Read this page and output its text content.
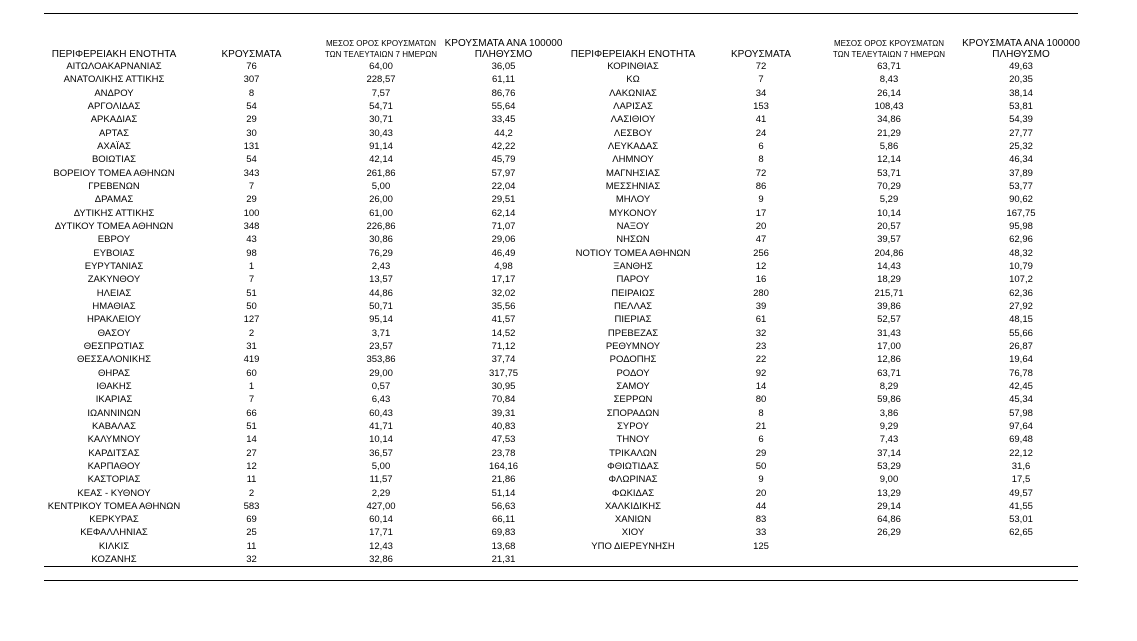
ΠΕΡΙΦΕΡΕΙΑΚΗ ΕΝΟΤΗΤΑ	ΚΡΟΥΣΜΑΤΑ	ΜΕΣΟΣ ΟΡΟΣ ΚΡΟΥΣΜΑΤΩΝ
ΤΩΝ ΤΕΛΕΥΤΑΙΩΝ 7 ΗΜΕΡΩΝ	ΚΡΟΥΣΜΑΤΑ ΑΝΑ 100000
ΠΛΗΘΥΣΜΟ

ΑΙΤΩΛΟΑΚΑΡΝΑΝΙΑΣ	76	64,00	36,05
ΑΝΑΤΟΛΙΚΗΣ ΑΤΤΙΚΗΣ	307	228,57	61,11
ΑΝΔΡΟΥ	8	7,57	86,76
ΑΡΓΟΛΙΔΑΣ	54	54,71	55,64
ΑΡΚΑΔΙΑΣ	29	30,71	33,45
ΑΡΤΑΣ	30	30,43	44,2
ΑΧΑΪΑΣ	131	91,14	42,22
ΒΟΙΩΤΙΑΣ	54	42,14	45,79
ΒΟΡΕΙΟΥ ΤΟΜΕΑ ΑΘΗΝΩΝ	343	261,86	57,97
ΓΡΕΒΕΝΩΝ	7	5,00	22,04
ΔΡΑΜΑΣ	29	26,00	29,51
ΔΥΤΙΚΗΣ ΑΤΤΙΚΗΣ	100	61,00	62,14
ΔΥΤΙΚΟΥ ΤΟΜΕΑ ΑΘΗΝΩΝ	348	226,86	71,07
ΕΒΡΟΥ	43	30,86	29,06
ΕΥΒΟΙΑΣ	98	76,29	46,49
ΕΥΡΥΤΑΝΙΑΣ	1	2,43	4,98
ΖΑΚΥΝΘΟΥ	7	13,57	17,17
ΗΛΕΙΑΣ	51	44,86	32,02
ΗΜΑΘΙΑΣ	50	50,71	35,56
ΗΡΑΚΛΕΙΟΥ	127	95,14	41,57
ΘΑΣΟΥ	2	3,71	14,52
ΘΕΣΠΡΩΤΙΑΣ	31	23,57	71,12
ΘΕΣΣΑΛΟΝΙΚΗΣ	419	353,86	37,74
ΘΗΡΑΣ	60	29,00	317,75
ΙΘΑΚΗΣ	1	0,57	30,95
ΙΚΑΡΙΑΣ	7	6,43	70,84
ΙΩΑΝΝΙΝΩΝ	66	60,43	39,31
ΚΑΒΑΛΑΣ	51	41,71	40,83
ΚΑΛΥΜΝΟΥ	14	10,14	47,53
ΚΑΡΔΙΤΣΑΣ	27	36,57	23,78
ΚΑΡΠΑΘΟΥ	12	5,00	164,16
ΚΑΣΤΟΡΙΑΣ	11	11,57	21,86
ΚΕΑΣ - ΚΥΘΝΟΥ	2	2,29	51,14
ΚΕΝΤΡΙΚΟΥ ΤΟΜΕΑ ΑΘΗΝΩΝ	583	427,00	56,63
ΚΕΡΚΥΡΑΣ	69	60,14	66,11
ΚΕΦΑΛΛΗΝΙΑΣ	25	17,71	69,83
ΚΙΛΚΙΣ	11	12,43	13,68
ΚΟΖΑΝΗΣ	32	32,86	21,31
ΠΕΡΙΦΕΡΕΙΑΚΗ ΕΝΟΤΗΤΑ	ΚΡΟΥΣΜΑΤΑ	ΜΕΣΟΣ ΟΡΟΣ ΚΡΟΥΣΜΑΤΩΝ
ΤΩΝ ΤΕΛΕΥΤΑΙΩΝ 7 ΗΜΕΡΩΝ	ΚΡΟΥΣΜΑΤΑ ΑΝΑ 100000
ΠΛΗΘΥΣΜΟ

ΚΟΡΙΝΘΙΑΣ	72	63,71	49,63
ΚΩ	7	8,43	20,35
ΛΑΚΩΝΙΑΣ	34	26,14	38,14
ΛΑΡΙΣΑΣ	153	108,43	53,81
ΛΑΣΙΘΙΟΥ	41	34,86	54,39
ΛΕΣΒΟΥ	24	21,29	27,77
ΛΕΥΚΑΔΑΣ	6	5,86	25,32
ΛΗΜΝΟΥ	8	12,14	46,34
ΜΑΓΝΗΣΙΑΣ	72	53,71	37,89
ΜΕΣΣΗΝΙΑΣ	86	70,29	53,77
ΜΗΛΟΥ	9	5,29	90,62
ΜΥΚΟΝΟΥ	17	10,14	167,75
ΝΑΞΟΥ	20	20,57	95,98
ΝΗΣΩΝ	47	39,57	62,96
ΝΟΤΙΟΥ ΤΟΜΕΑ ΑΘΗΝΩΝ	256	204,86	48,32
ΞΑΝΘΗΣ	12	14,43	10,79
ΠΑΡΟΥ	16	18,29	107,2
ΠΕΙΡΑΙΩΣ	280	215,71	62,36
ΠΕΛΛΑΣ	39	39,86	27,92
ΠΙΕΡΙΑΣ	61	52,57	48,15
ΠΡΕΒΕΖΑΣ	32	31,43	55,66
ΡΕΘΥΜΝΟΥ	23	17,00	26,87
ΡΟΔΟΠΗΣ	22	12,86	19,64
ΡΟΔΟΥ	92	63,71	76,78
ΣΑΜΟΥ	14	8,29	42,45
ΣΕΡΡΩΝ	80	59,86	45,34
ΣΠΟΡΑΔΩΝ	8	3,86	57,98
ΣΥΡΟΥ	21	9,29	97,64
ΤΗΝΟΥ	6	7,43	69,48
ΤΡΙΚΑΛΩΝ	29	37,14	22,12
ΦΘΙΩΤΙΔΑΣ	50	53,29	31,6
ΦΛΩΡΙΝΑΣ	9	9,00	17,5
ΦΩΚΙΔΑΣ	20	13,29	49,57
ΧΑΛΚΙΔΙΚΗΣ	44	29,14	41,55
ΧΑΝΙΩΝ	83	64,86	53,01
ΧΙΟΥ	33	26,29	62,65
ΥΠΟ ΔΙΕΡΕΥΝΗΣΗ	125		
